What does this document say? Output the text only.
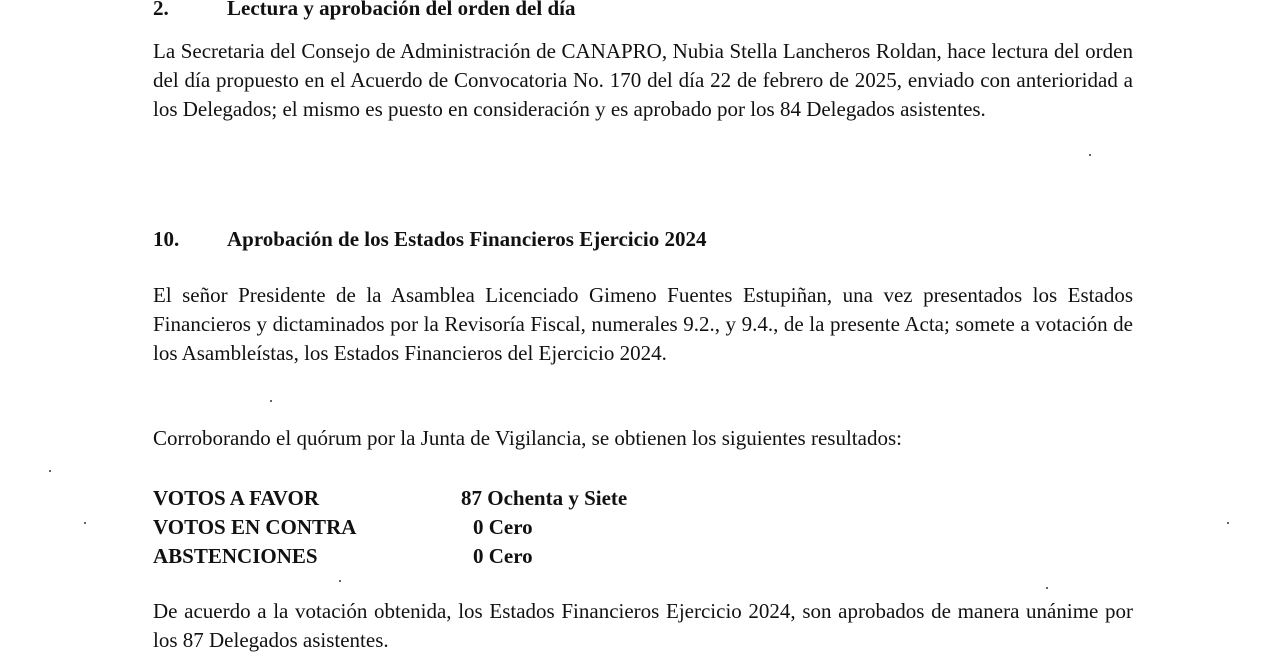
2.	Lectura y aprobación del orden del día

La Secretaria del Consejo de Administración de CANAPRO, Nubia Stella Lancheros Roldan, hace lectura del orden del día propuesto en el Acuerdo de Convocatoria No. 170 del día 22 de febrero de 2025, enviado con anterioridad a los Delegados; el mismo es puesto en consideración y es aprobado por los 84 Delegados asistentes.

10. Aprobación de los Estados Financieros Ejercicio 2024

El señor Presidente de la Asamblea Licenciado Gimeno Fuentes Estupiñan, una vez presentados los Estados Financieros y dictaminados por la Revisoría Fiscal, numerales 9.2., y 9.4., de la presente Acta; somete a votación de los Asambleístas, los Estados Financieros del Ejercicio 2024.

Corroborando el quórum por la Junta de Vigilancia, se obtienen los siguientes resultados:

VOTOS A FAVOR	87 Ochenta y Siete
VOTOS EN CONTRA	0 Cero
ABSTENCIONES	0 Cero

De acuerdo a la votación obtenida, los Estados Financieros Ejercicio 2024, son aprobados de manera unánime por los 87 Delegados asistentes.
